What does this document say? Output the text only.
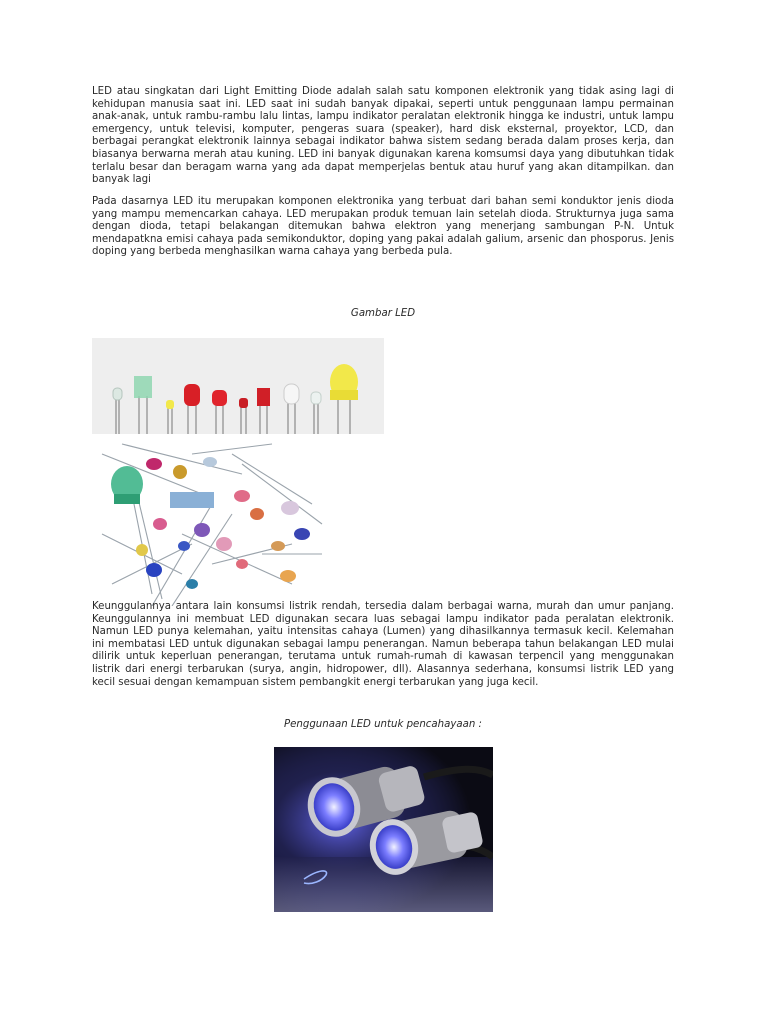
LED atau singkatan dari Light Emitting Diode adalah salah satu komponen elektronik yang tidak asing lagi di kehidupan manusia saat ini. LED saat ini sudah banyak dipakai, seperti untuk penggunaan lampu permainan anak-anak, untuk rambu-rambu lalu lintas, lampu indikator peralatan elektronik hingga ke industri, untuk lampu emergency, untuk televisi, komputer, pengeras suara (speaker), hard disk eksternal, proyektor, LCD, dan berbagai perangkat elektronik lainnya sebagai indikator bahwa sistem sedang berada dalam proses kerja, dan biasanya berwarna merah atau kuning. LED ini banyak digunakan karena komsumsi daya yang dibutuhkan tidak terlalu besar dan beragam warna yang ada dapat memperjelas bentuk atau huruf yang akan ditampilkan. dan banyak lagi

Pada dasarnya LED itu merupakan komponen elektronika yang terbuat dari bahan semi konduktor jenis dioda yang mampu memencarkan cahaya. LED merupakan produk temuan lain setelah dioda. Strukturnya juga sama dengan dioda, tetapi belakangan ditemukan bahwa elektron yang menerjang sambungan P-N. Untuk mendapatkna emisi cahaya pada semikonduktor, doping yang pakai adalah galium, arsenic dan phosporus. Jenis doping yang berbeda menghasilkan warna cahaya yang berbeda pula.

Gambar LED

Keunggulannya antara lain konsumsi listrik rendah, tersedia dalam berbagai warna, murah dan umur panjang. Keunggulannya ini membuat LED digunakan secara luas sebagai lampu indikator pada peralatan elektronik. Namun LED punya kelemahan, yaitu intensitas cahaya (Lumen) yang dihasilkannya termasuk kecil. Kelemahan ini membatasi LED untuk digunakan sebagai lampu penerangan. Namun beberapa tahun belakangan LED mulai dilirik untuk keperluan penerangan, terutama untuk rumah-rumah di kawasan terpencil yang menggunakan listrik dari energi terbarukan (surya, angin, hidropower, dll). Alasannya sederhana, konsumsi listrik LED yang kecil sesuai dengan kemampuan sistem pembangkit energi terbarukan yang juga kecil.

Penggunaan LED untuk pencahayaan :
